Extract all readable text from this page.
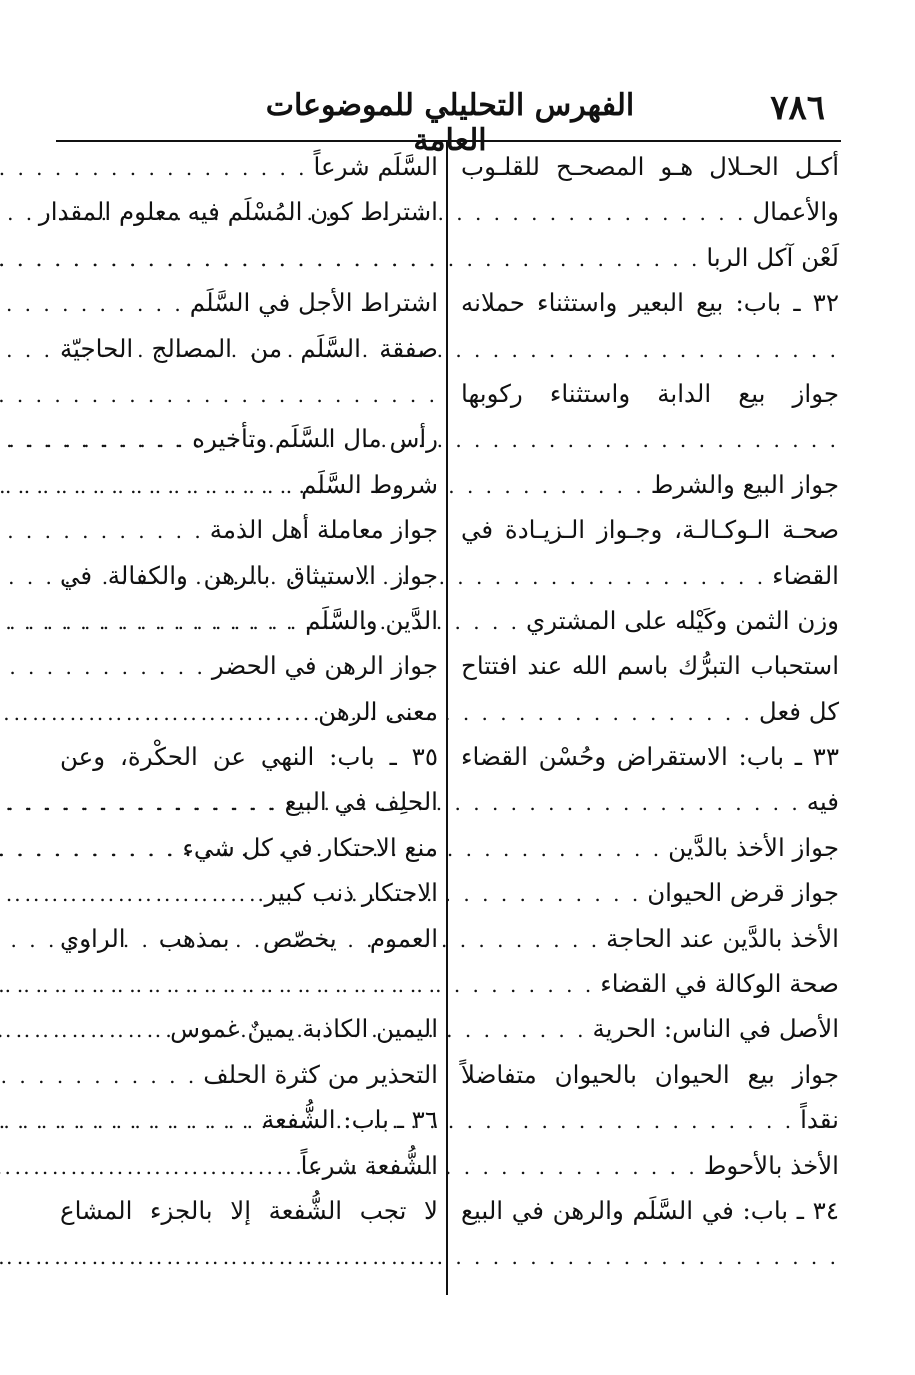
٧٨٦
الفهرس التحليلي للموضوعات العامة
أكـل الحـلال هـو المصحـح للقلـوب
والأعمال
. . .
لَعْن آكل الربا
. . .
٣٢ ـ باب: بيع البعير واستثناء حملانه
. . .
جواز بيع الدابة واستثناء ركوبها
. . .
جواز البيع والشرط
. . .
صحـة الـوكـالـة، وجـواز الـزيـادة في
القضاء
. . .
وزن الثمن وكَيْله على المشتري
. . .
استحباب التبرُّك باسم الله عند افتتاح
كل فعل
. . .
٣٣ ـ باب: الاستقراض وحُسْن القضاء
فيه
. . .
جواز الأخذ بالدَّين
. . .
جواز قرض الحيوان
. . .
الأخذ بالدَّين عند الحاجة
. . .
صحة الوكالة في القضاء
. . .
الأصل في الناس: الحرية
. . .
جواز بيع الحيوان بالحيوان متفاضلاً
نقداً
. . .
الأخذ بالأحوط
. . .
٣٤ ـ باب: في السَّلَم والرهن في البيع
. . .
السَّلَم شرعاً
. . .
اشتراط كون المُسْلَم فيه معلوم المقدار
. . .
اشتراط الأجل في السَّلَم
. . .
صفقة السَّلَم من المصالح الحاجيّة
. . .
رأس مال السَّلَم وتأخيره
. . .
شروط السَّلَم
. . .
جواز معاملة أهل الذمة
. . .
جواز الاستيثاق بالرهن والكفالة في
الدَّين والسَّلَم
. . .
جواز الرهن في الحضر
. . .
معنى الرهن
. . .
٣٥ ـ باب: النهي عن الحكْرة، وعن
الحلِف في البيع
. . .
منع الاحتكار في كل شيء
. . .
الاحتكار ذنب كبير
. . .
العموم يخصّص بمذهب الراوي
. . .
اليمين الكاذبة يمينٌ غموس
. . .
التحذير من كثرة الحلف
. . .
٣٦ ـ باب: الشُّفعة
. . .
الشُّفعة شرعاً
. . .
لا تجب الشُّفعة إلا بالجزء المشاع
. . .
